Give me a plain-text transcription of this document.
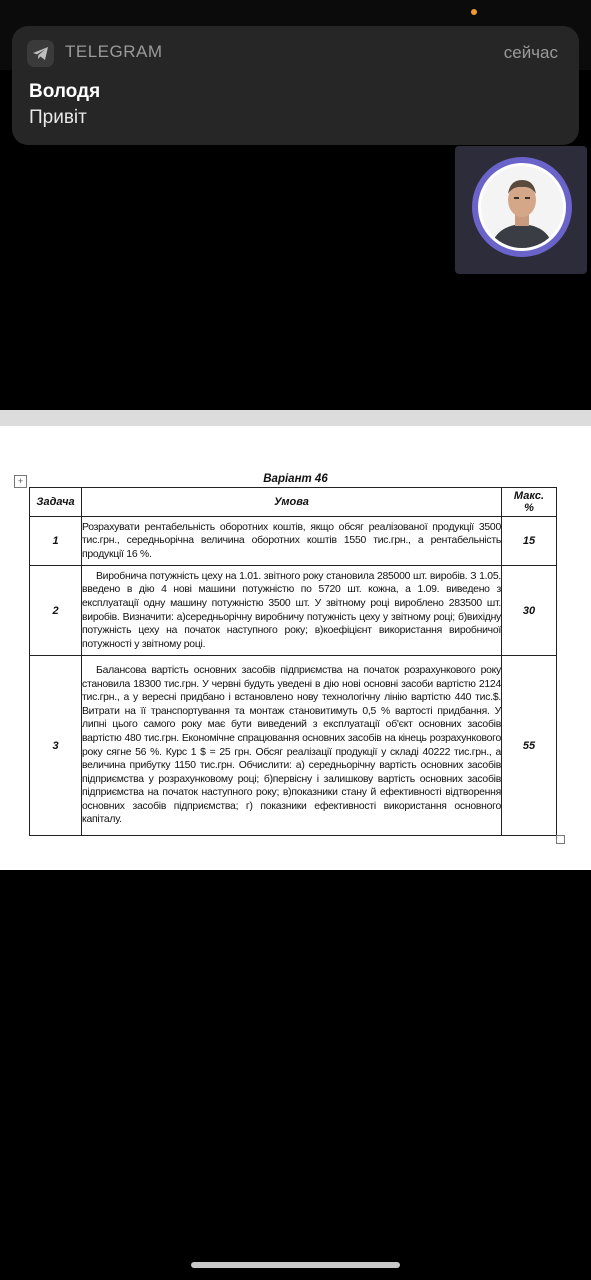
TELEGRAM	сейчас
Володя
Привіт
+	Варіант 46
Задача	Умова	Макс.
%
1	Розрахувати рентабельність оборотних коштів, якщо обсяг реалізованої продукції 3500 тис.грн., середньорічна величина оборотних коштів 1550 тис.грн., а рентабельність продукції 16 %.	15
2	Виробнича потужність цеху на 1.01. звітного року становила 285000 шт. виробів. З 1.05. введено в дію 4 нові машини потужністю по 5720 шт. кожна, а 1.09. виведено з експлуатації одну машину потужністю 3500 шт. У звітному році вироблено 283500 шт. виробів. Визначити: а)середньорічну виробничу потужність цеху у звітному році; б)вихідну потужність цеху на початок наступного року; в)коефіцієнт використання виробничої потужності у звітному році.	30
3	Балансова вартість основних засобів підприємства на початок розрахункового року становила 18300 тис.грн. У червні будуть уведені в дію нові основні засоби вартістю 2124 тис.грн., а у вересні придбано і встановлено нову технологічну лінію вартістю 440 тис.$. Витрати на її транспортування та монтаж становитимуть 0,5 % вартості придбання. У липні цього самого року має бути виведений з експлуатації об'єкт основних засобів вартістю 480 тис.грн. Економічне спрацювання основних засобів на кінець розрахункового року сягне 56 %. Курс 1 $ = 25 грн. Обсяг реалізації продукції у складі 40222 тис.грн., а величина прибутку 1150 тис.грн. Обчислити: а) середньорічну вартість основних засобів підприємства у розрахунковому році; б)первісну і залишкову вартість основних засобів підприємства на початок наступного року; в)показники стану й ефективності відтворення основних засобів підприємства; г) показники ефективності використання основного капіталу.	55
